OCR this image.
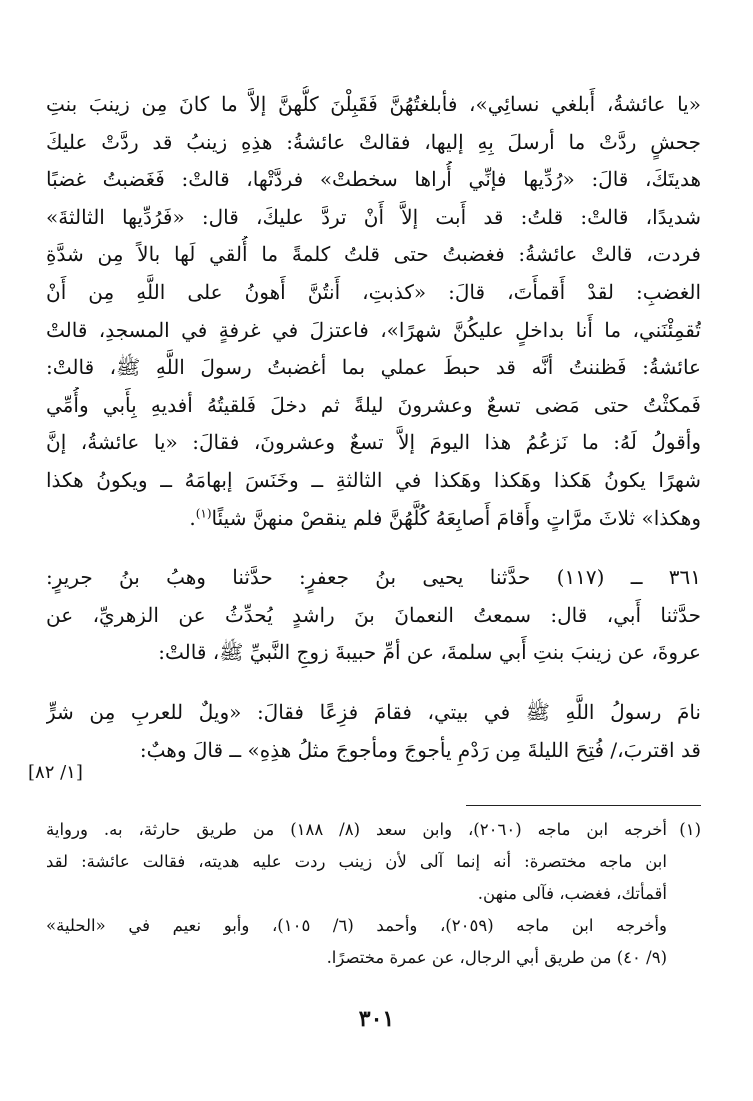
«يا عائشةُ، أَبلغي نسائِي»، فأبلغتُهُنَّ فَقَبِلْنَ كلُّهنَّ إلاَّ ما كانَ مِن زينبَ بنتِ
جحشٍ ردَّتْ ما أرسلَ بِهِ إليها، فقالتْ عائشةُ: هذِهِ زينبُ قد ردَّتْ عليكَ
هديتَكَ، قالَ: «رُدِّيها فإنِّي أُراها سخطتْ» فردَّتْها، قالتْ: فَغَضبتُ غضبًا
شديدًا، قالتْ: قلتُ: قد أَبت إلاَّ أَنْ تردَّ عليكَ، قال: «فَرُدِّيها الثالثةَ»
فردت، قالتْ عائشةُ: فغضبتُ حتى قلتُ كلمةً ما أُلقي لَها بالاً مِن شدَّةِ
الغضبِ: لقدْ أَقمأَتَ، قالَ: «كذبتِ، أَنتُنَّ أَهونُ على اللَّهِ مِن أَنْ
تُقمِئْنَني، ما أَنا بداخلٍ عليكُنَّ شهرًا»، فاعتزلَ في غرفةٍ في المسجدِ، قالتْ
عائشةُ: فَظننتُ أنَّه قد حبطَ عملي بما أغضبتُ رسولَ اللَّهِ ﷺ، قالتْ:
فَمكثْتُ حتى مَضى تسعٌ وعشرونَ ليلةً ثم دخلَ فَلقيتُهُ أفديهِ بِأَبي وأُمِّي
وأقولُ لَهُ: ما نَزعُمُ هذا اليومَ إلاَّ تسعٌ وعشرونَ، فقالَ: «يا عائشةُ، إنَّ
شهرًا يكونُ هَكذا وهَكذا وهَكذا في الثالثةِ ــ وخَنَسَ إبهامَهُ ــ ويكونُ هكذا
وهكذا» ثلاثَ مرَّاتٍ وأَقامَ أَصابِعَهُ كُلَّهُنَّ فلم ينقصْ منهنَّ شيئًا$^{(١)}$.
٣٦١ ــ (١١٧) حدَّثنا يحيى بنُ جعفرٍ: حدَّثنا وهبُ بنُ جريرٍ:
حدَّثنا أَبي، قال: سمعتُ النعمانَ بنَ راشدٍ يُحدِّثُ عن الزهريِّ، عن
عروةَ، عن زينبَ بنتِ أَبي سلمةَ، عن أمِّ حبيبةَ زوجِ النَّبيِّ ﷺ، قالتْ:
نامَ رسولُ اللَّهِ ﷺ في بيتي، فقامَ فزِعًا فقالَ: «ويلٌ للعربِ مِن شرٍّ
قد اقتربَ،/ فُتِحَ الليلةَ مِن رَدْمِ يأجوجَ ومأجوجَ مثلُ هذِهِ» ــ قالَ وهبٌ:
[١/ ٨٢]
(١)أخرجه ابن ماجه (٢٠٦٠)، وابن سعد (٨/ ١٨٨) من طريق حارثة، به. ورواية
ابن ماجه مختصرة: أنه إنما آلى لأن زينب ردت عليه هديته، فقالت عائشة: لقد
أقمأتك، فغضب، فآلى منهن.
وأخرجه ابن ماجه (٢٠٥٩)، وأحمد (٦/ ١٠٥)، وأبو نعيم في «الحلية»
(٩/ ٤٠) من طريق أبي الرجال، عن عمرة مختصرًا.
٣٠١
